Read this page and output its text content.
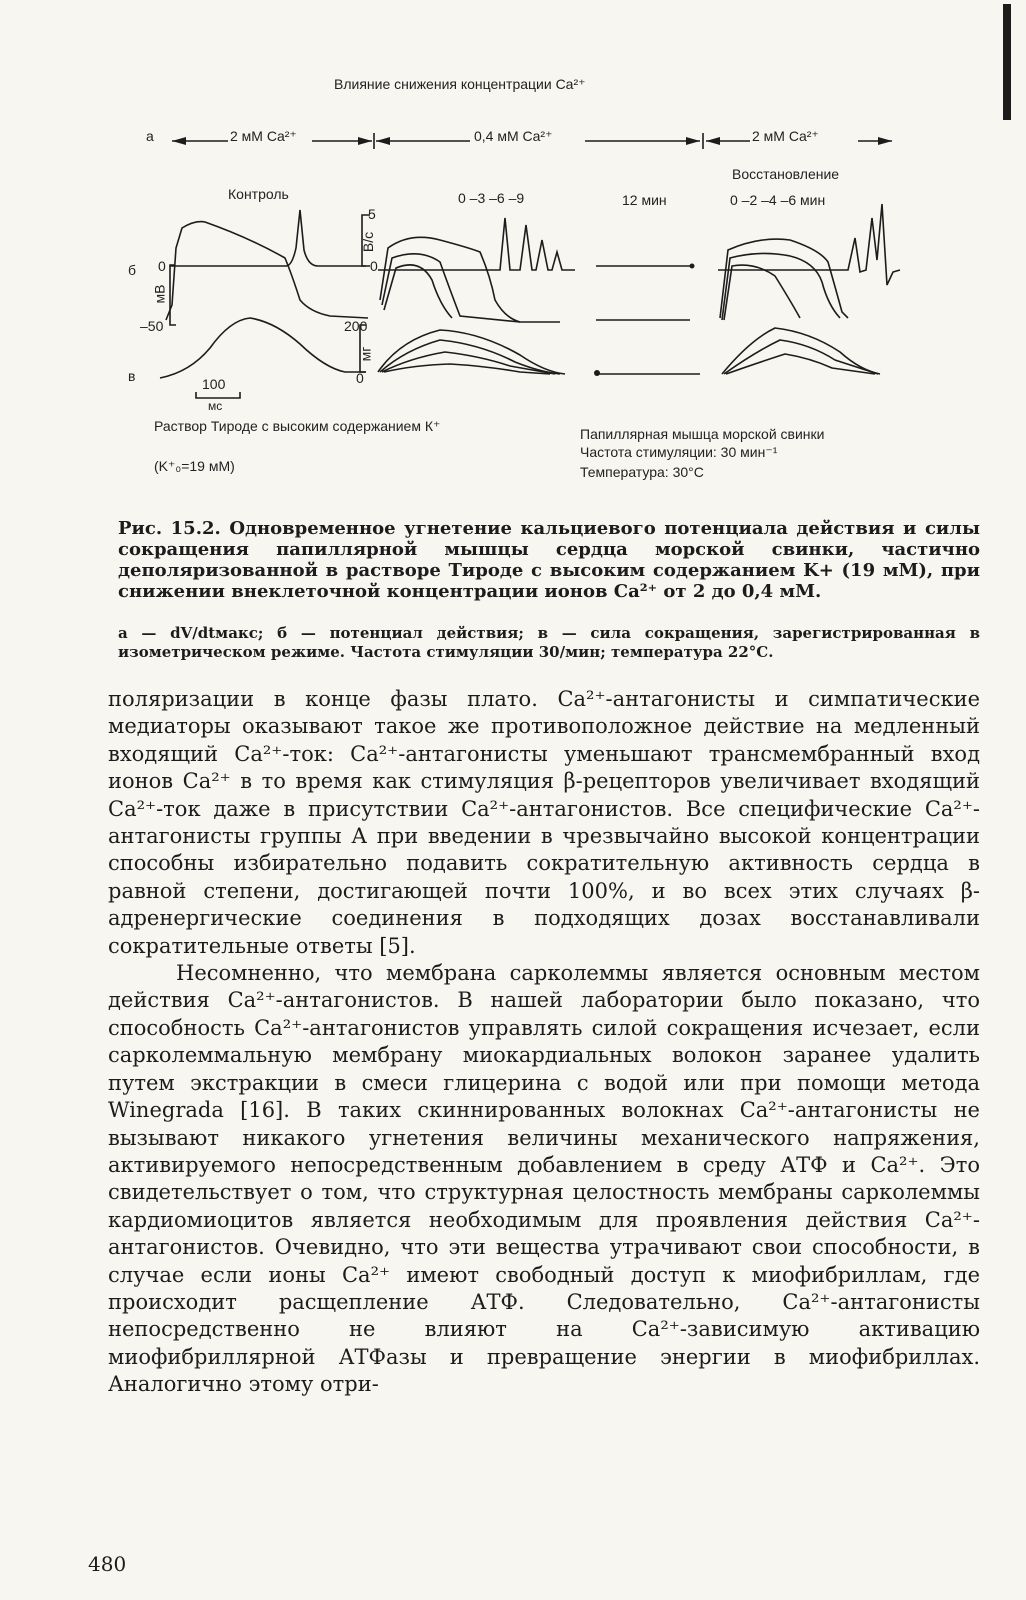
Влияние снижения концентрации Ca²⁺
а	2 мМ Ca²⁺	0,4 мМ Ca²⁺	2 мМ Ca²⁺
Контроль	0 –3 –6 –9	12 мин
Восстановление
0 –2 –4 –6 мин
б
в
0
мВ
–50
5
В/с
0
200
мг
0
100
мс
Раствор Тироде с высоким содержанием К⁺
(K⁺₀=19 мМ)
Папиллярная мышца морской свинки
Частота стимуляции: 30 мин⁻¹
Температура: 30°С

Рис. 15.2. Одновременное угнетение кальциевого потенциала действия и силы сокращения папиллярной мышцы сердца морской свинки, частично деполяризованной в растворе Тироде с высоким содержанием K+ (19 мМ), при снижении внеклеточной концентрации ионов Ca²⁺ от 2 до 0,4 мМ.

а — dV/dtмакс; б — потенциал действия; в — сила сокращения, зарегистрированная в изометрическом режиме. Частота стимуляции 30/мин; температура 22°С.

поляризации в конце фазы плато. Ca²⁺-антагонисты и симпатические медиаторы оказывают такое же противоположное действие на медленный входящий Ca²⁺-ток: Ca²⁺-антагонисты уменьшают трансмембранный вход ионов Ca²⁺ в то время как стимуляция β-рецепторов увеличивает входящий Ca²⁺-ток даже в присутствии Ca²⁺-антагонистов. Все специфические Ca²⁺-антагонисты группы А при введении в чрезвычайно высокой концентрации способны избирательно подавить сократительную активность сердца в равной степени, достигающей почти 100%, и во всех этих случаях β-адренергические соединения в подходящих дозах восстанавливали сократительные ответы [5].

Несомненно, что мембрана сарколеммы является основным местом действия Ca²⁺-антагонистов. В нашей лаборатории было показано, что способность Ca²⁺-антагонистов управлять силой сокращения исчезает, если сарколеммальную мембрану миокардиальных волокон заранее удалить путем экстракции в смеси глицерина с водой или при помощи метода Winegrada [16]. В таких скиннированных волокнах Ca²⁺-антагонисты не вызывают никакого угнетения величины механического напряжения, активируемого непосредственным добавлением в среду АТФ и Ca²⁺. Это свидетельствует о том, что структурная целостность мембраны сарколеммы кардиомиоцитов является необходимым для проявления действия Ca²⁺-антагонистов. Очевидно, что эти вещества утрачивают свои способности, в случае если ионы Ca²⁺ имеют свободный доступ к миофибриллам, где происходит расщепление АТФ. Следовательно, Ca²⁺-антагонисты непосредственно не влияют на Ca²⁺-зависимую активацию миофибриллярной АТФазы и превращение энергии в миофибриллах. Аналогично этому отри-

480
